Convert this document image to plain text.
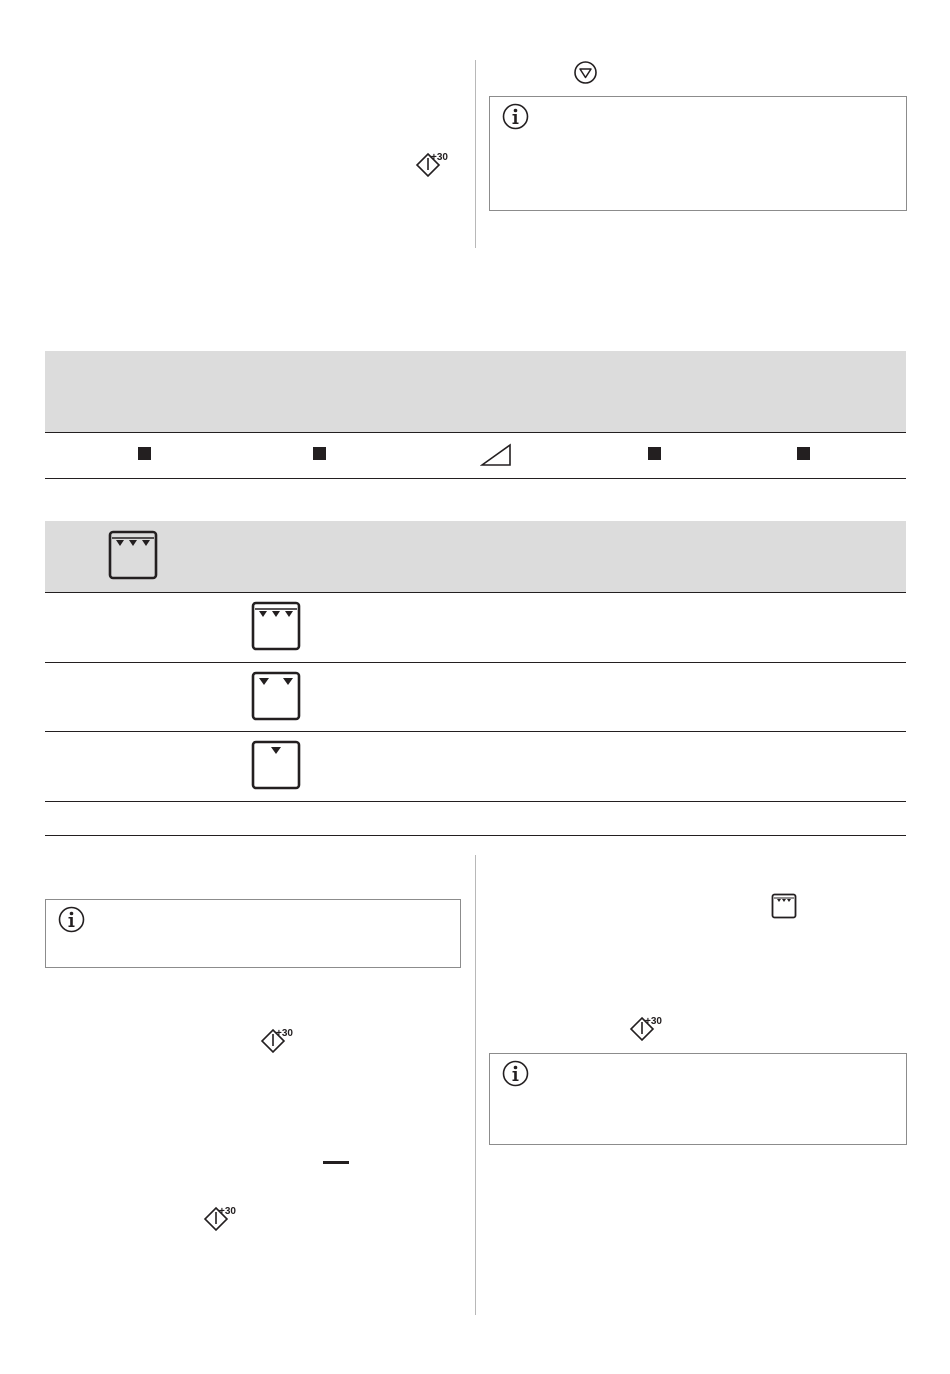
+30
+30
+30
+30
